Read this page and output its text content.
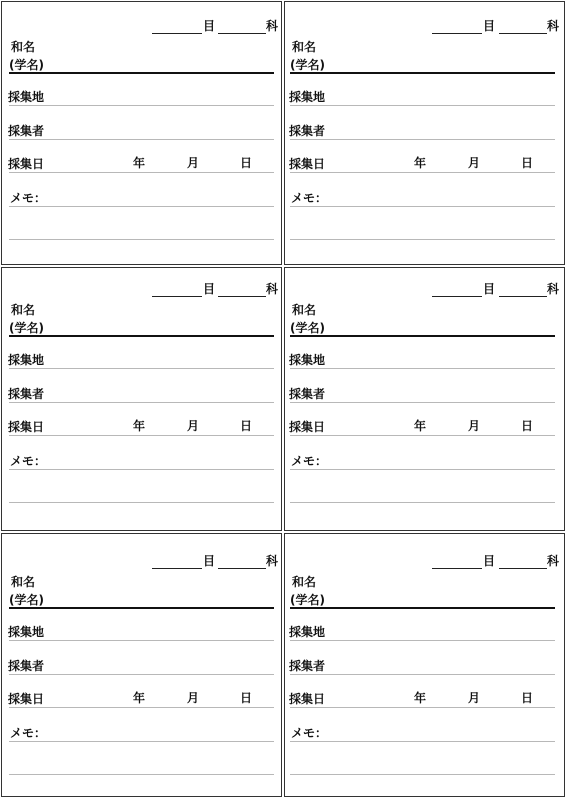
目	科
和名
(学名)
採集地
採集者
採集日	年	月	日
メモ：
目	科
和名
(学名)
採集地
採集者
採集日	年	月	日
メモ：
目	科
和名
(学名)
採集地
採集者
採集日	年	月	日
メモ：
目	科
和名
(学名)
採集地
採集者
採集日	年	月	日
メモ：
目	科
和名
(学名)
採集地
採集者
採集日	年	月	日
メモ：
目	科
和名
(学名)
採集地
採集者
採集日	年	月	日
メモ：
